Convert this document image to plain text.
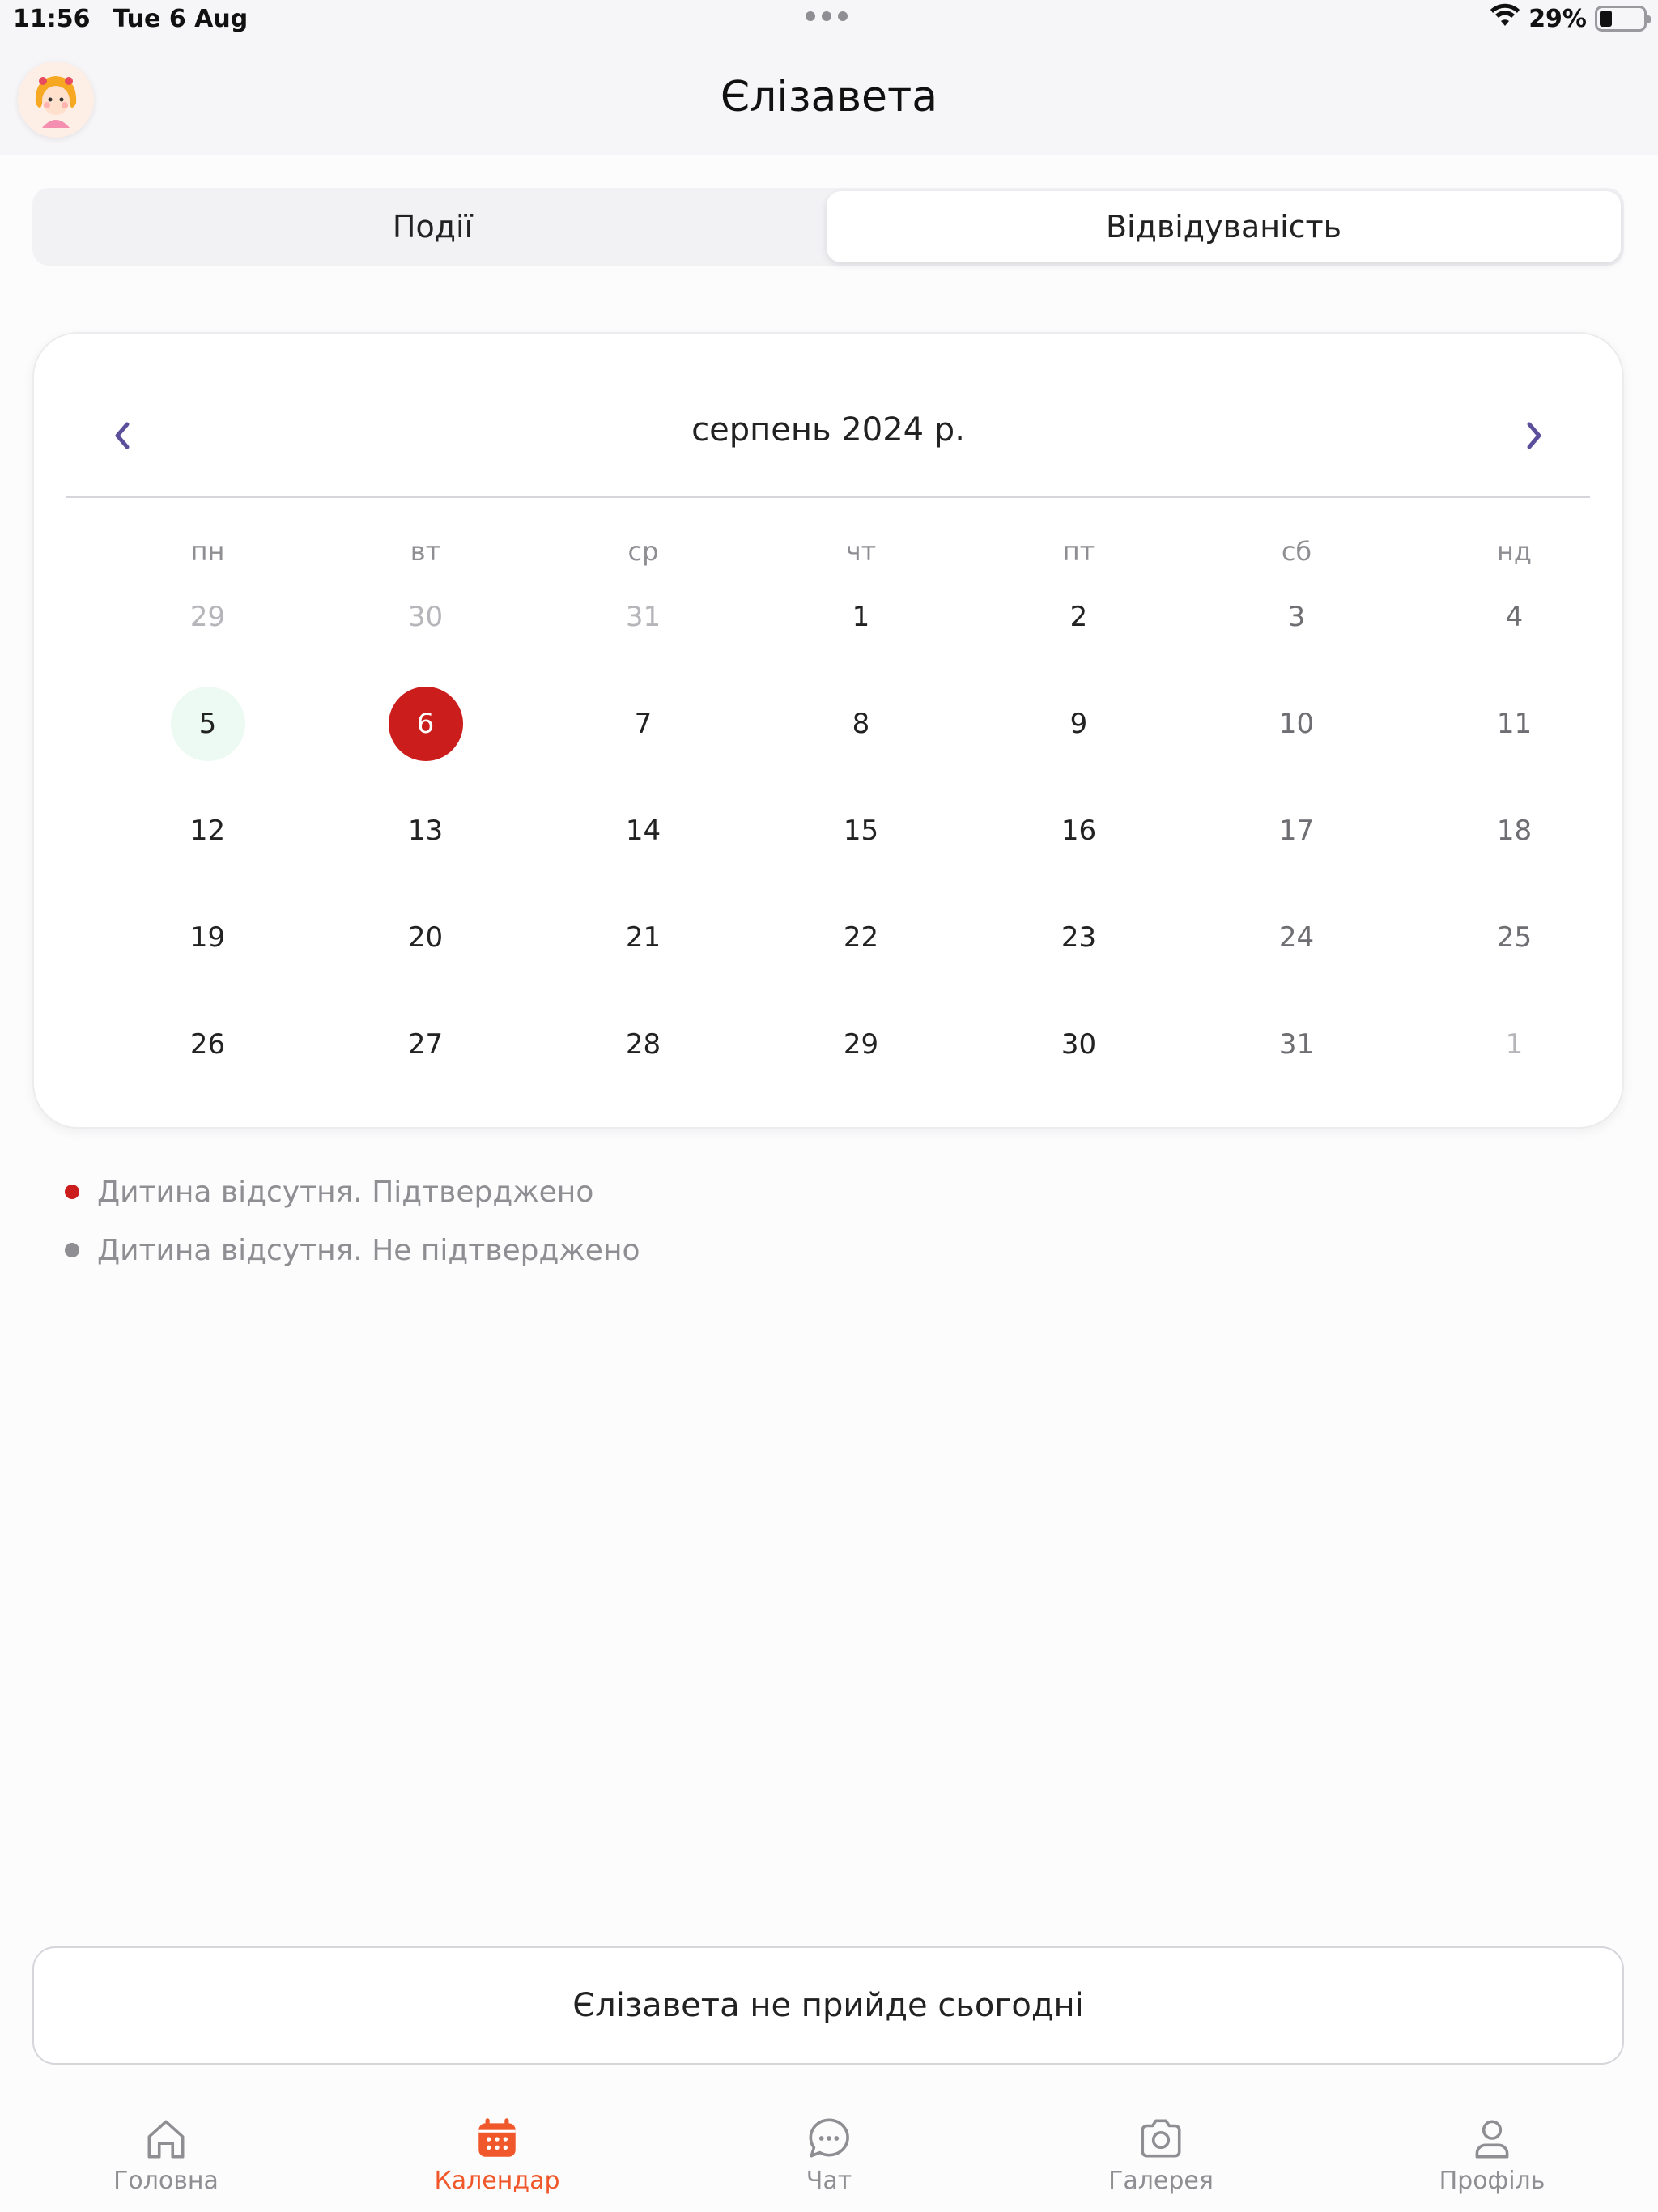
11:56 Tue 6 Aug	29%
Єлізавета
Події	Відвідуваність
серпень 2024 р.
пн	вт	ср	чт	пт	сб	нд
29	30	31	1	2	3	4
5	6	7	8	9	10	11
12	13	14	15	16	17	18
19	20	21	22	23	24	25
26	27	28	29	30	31	1
Дитина відсутня. Підтверджено
Дитина відсутня. Не підтверджено
Єлізавета не прийде сьогодні
Головна	Календар	Чат	Галерея	Профіль
